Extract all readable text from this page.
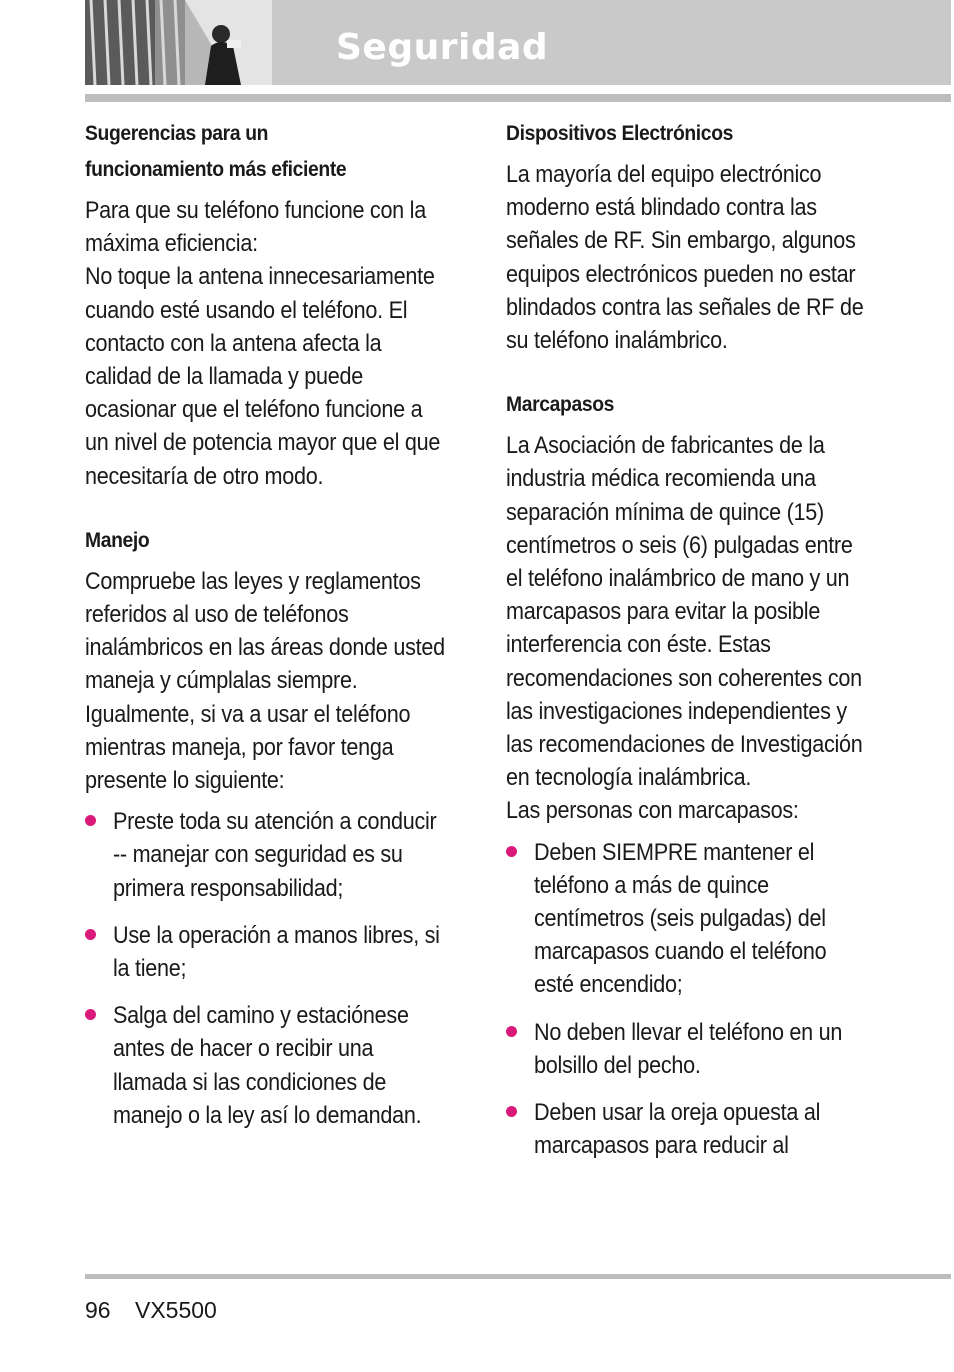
Seguridad
Sugerencias para un
funcionamiento más eficiente

Para que su teléfono funcione con la máxima eficiencia:

No toque la antena innecesariamente cuando esté usando el teléfono. El contacto con la antena afecta la calidad de la llamada y puede ocasionar que el teléfono funcione a un nivel de potencia mayor que el que necesitaría de otro modo.

Manejo

Compruebe las leyes y reglamentos referidos al uso de teléfonos inalámbricos en las áreas donde usted maneja y cúmplalas siempre. Igualmente, si va a usar el teléfono mientras maneja, por favor tenga presente lo siguiente:

Preste toda su atención a conducir -- manejar con seguridad es su primera responsabilidad;
Use la operación a manos libres, si la tiene;
Salga del camino y estaciónese antes de hacer o recibir una llamada si las condiciones de manejo o la ley así lo demandan.
Dispositivos Electrónicos

La mayoría del equipo electrónico moderno está blindado contra las señales de RF. Sin embargo, algunos equipos electrónicos pueden no estar blindados contra las señales de RF de su teléfono inalámbrico.

Marcapasos

La Asociación de fabricantes de la industria médica recomienda una separación mínima de quince (15) centímetros o seis (6) pulgadas entre el teléfono inalámbrico de mano y un marcapasos para evitar la posible interferencia con éste. Estas recomendaciones son coherentes con las investigaciones independientes y las recomendaciones de Investigación en tecnología inalámbrica.

Las personas con marcapasos:

Deben SIEMPRE mantener el teléfono a más de quince centímetros (seis pulgadas) del marcapasos cuando el teléfono esté encendido;
No deben llevar el teléfono en un bolsillo del pecho.
Deben usar la oreja opuesta al marcapasos para reducir al
96 VX5500
